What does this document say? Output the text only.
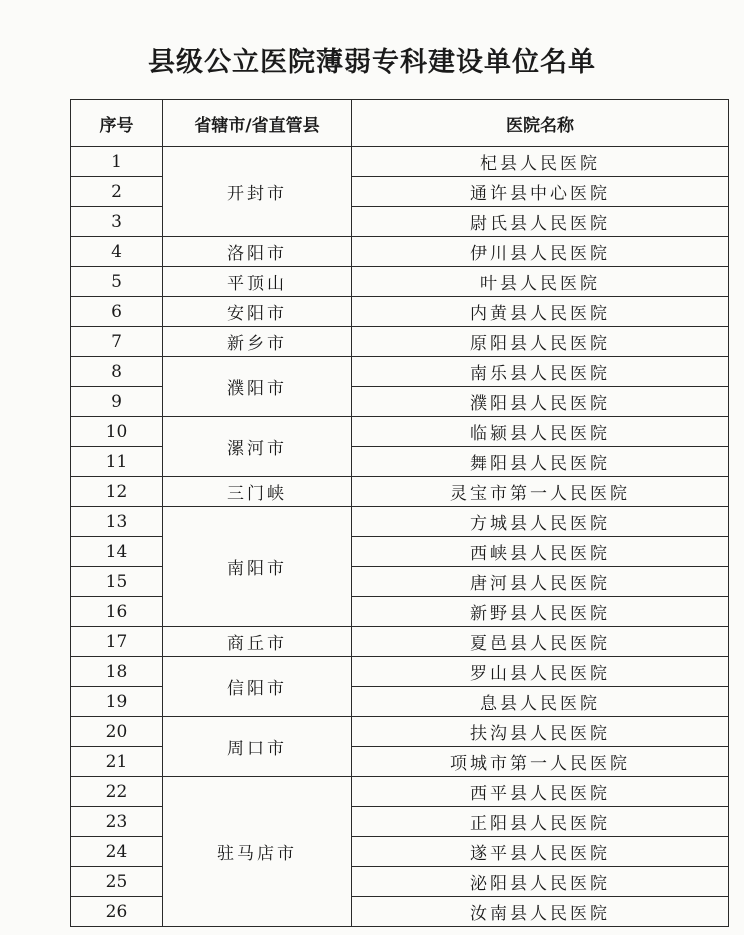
县级公立医院薄弱专科建设单位名单
序号	省辖市/省直管县	医院名称
1	开封市	杞县人民医院
2		通许县中心医院
3		尉氏县人民医院
4	洛阳市	伊川县人民医院
5	平顶山	叶县人民医院
6	安阳市	内黄县人民医院
7	新乡市	原阳县人民医院
8	濮阳市	南乐县人民医院
9		濮阳县人民医院
10	漯河市	临颍县人民医院
11		舞阳县人民医院
12	三门峡	灵宝市第一人民医院
13	南阳市	方城县人民医院
14		西峡县人民医院
15		唐河县人民医院
16		新野县人民医院
17	商丘市	夏邑县人民医院
18	信阳市	罗山县人民医院
19		息县人民医院
20	周口市	扶沟县人民医院
21		项城市第一人民医院
22	驻马店市	西平县人民医院
23		正阳县人民医院
24		遂平县人民医院
25		泌阳县人民医院
26		汝南县人民医院
